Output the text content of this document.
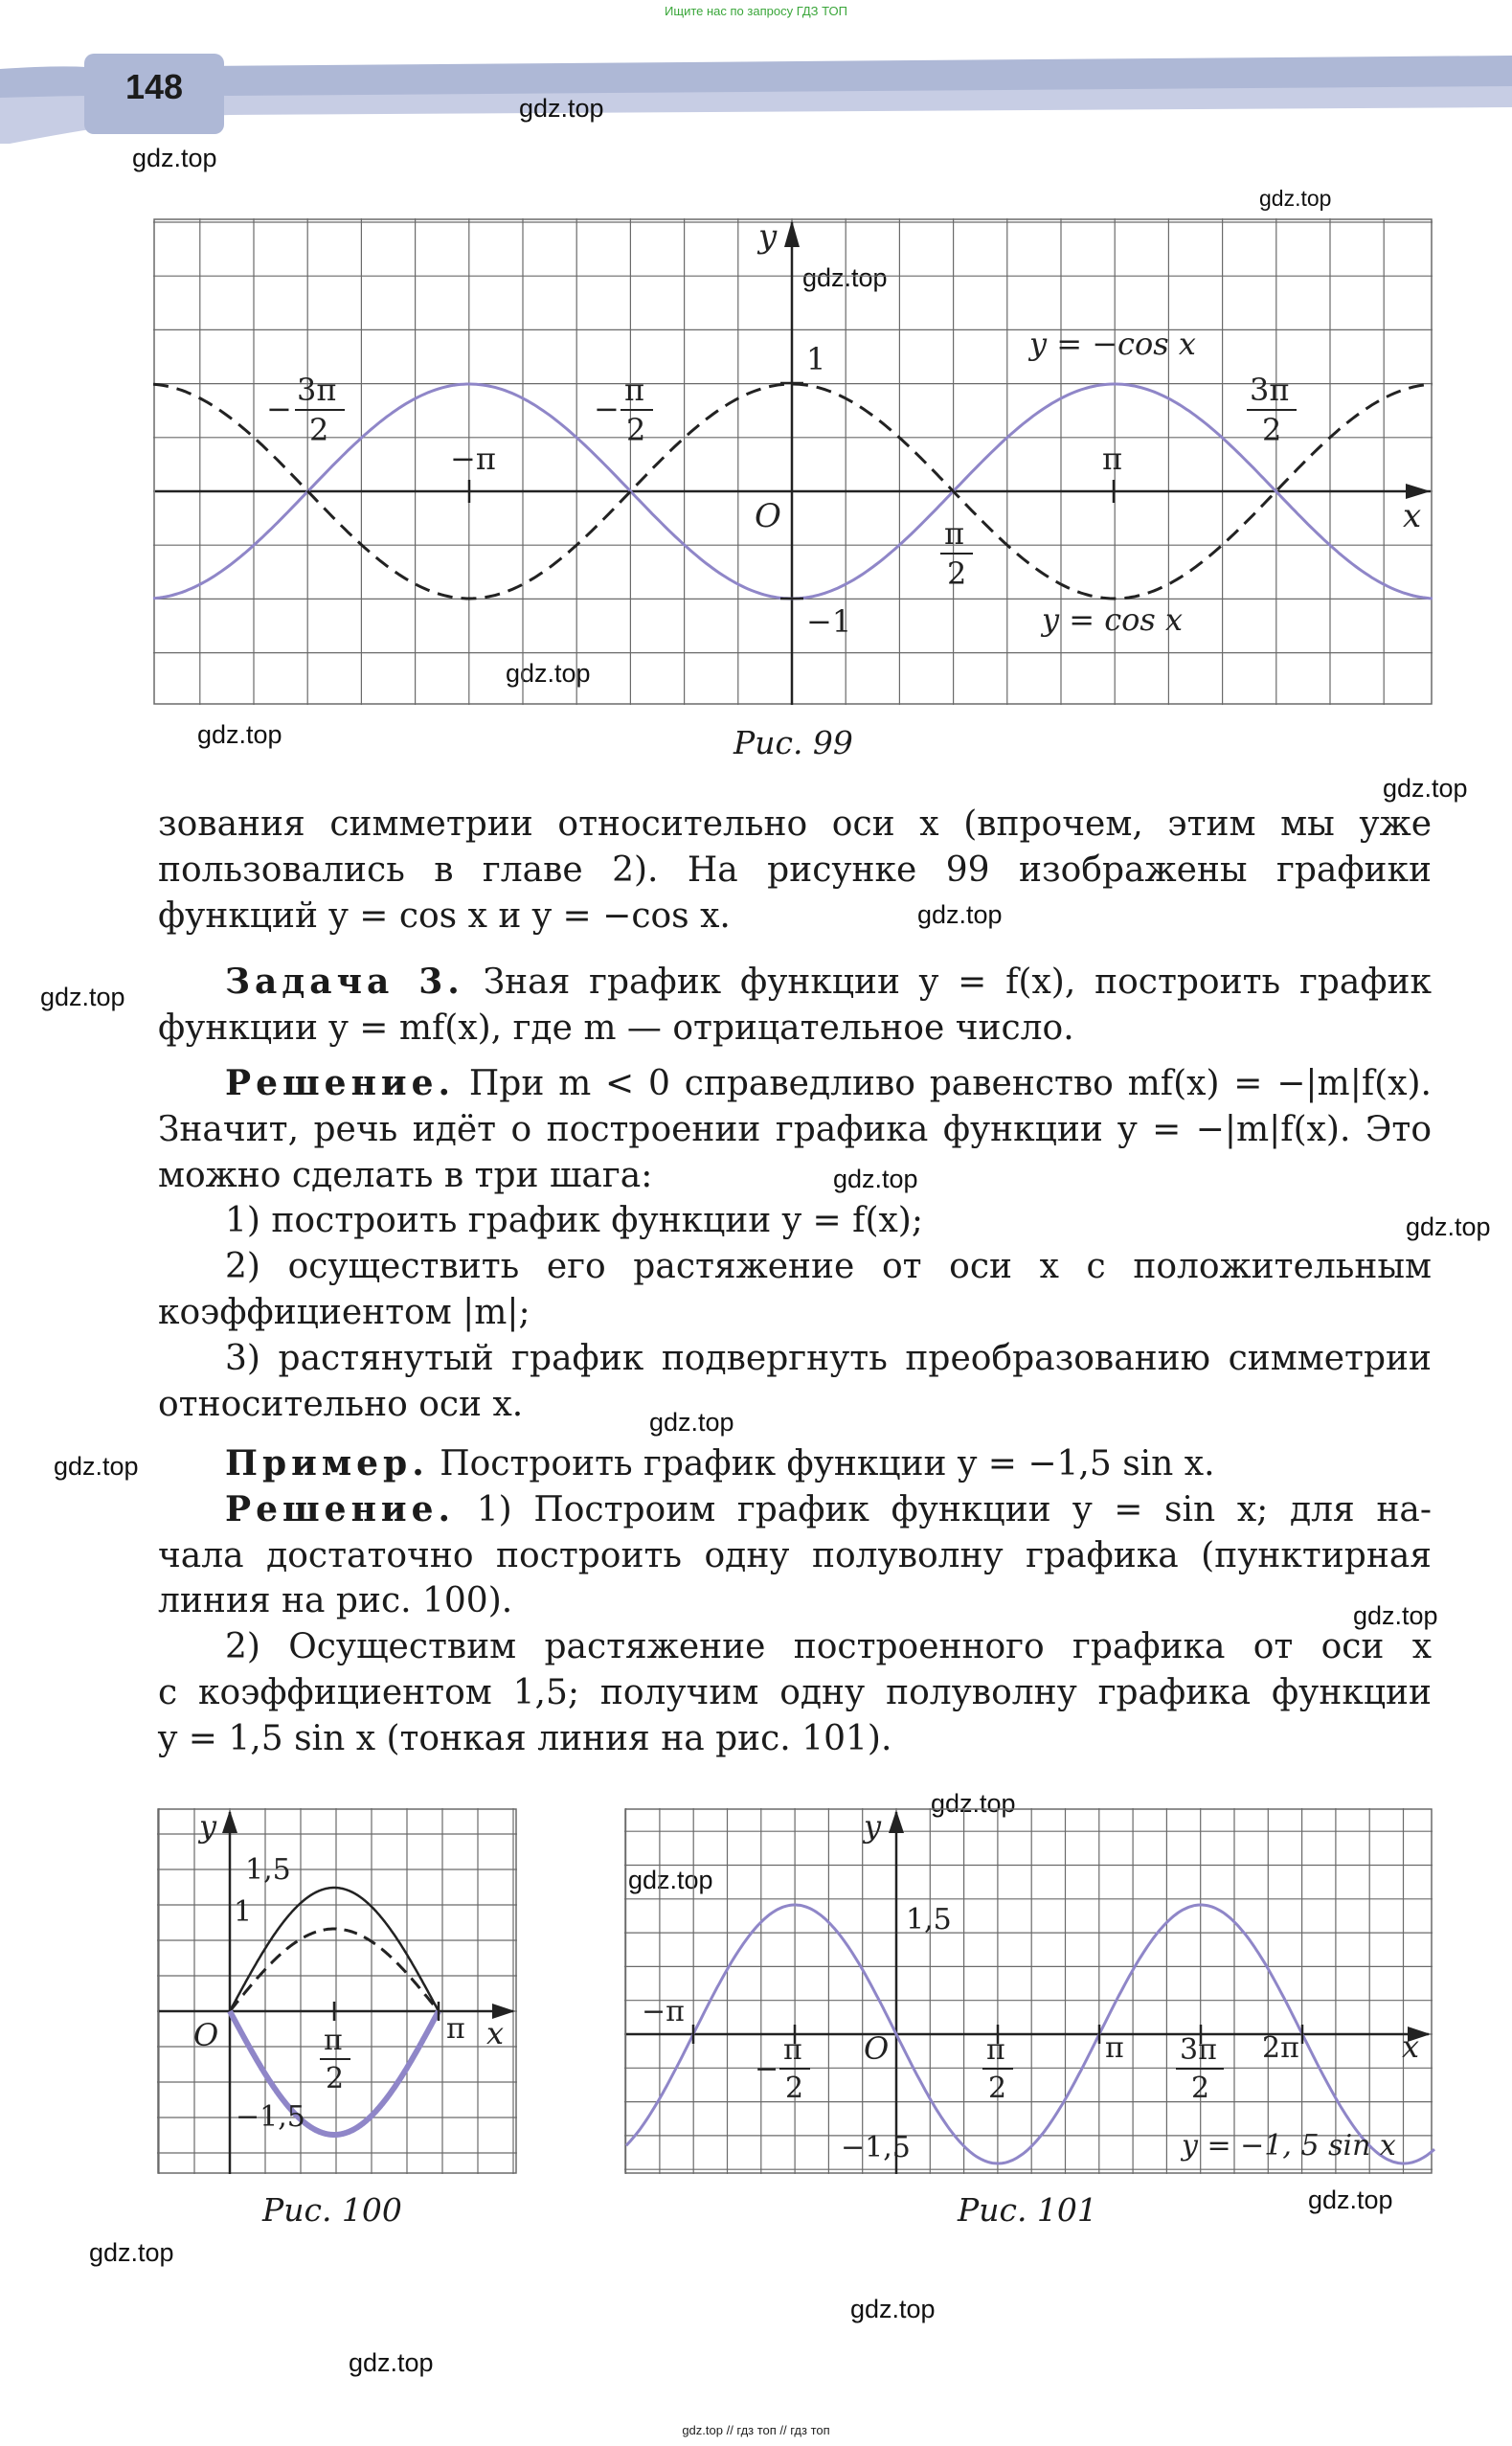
Ищите нас по запросу ГДЗ ТОП
148
gdz.top
gdz.top
gdz.top
gdz.top
gdz.top
gdz.top
gdz.top
gdz.top
gdz.top
gdz.top
gdz.top
gdz.top
gdz.top
gdz.top
gdz.top
gdz.top
gdz.top
gdz.top
gdz.top
gdz.top
y
x
O
1
−1
−π	π
−
3π
2
−
π
2
π
2
3π
2
y = −cos x
y = cos x
Рис. 99
зования симметрии относительно оси x (впрочем, этим мы уже
пользовались в главе 2). На рисунке 99 изображены графики
функций y = cos x и y = −cos x.
Задача 3. Зная график функции y = f(x), построить график
функции y = mf(x), где m — отрицательное число.
Решение. При m < 0 справедливо равенство mf(x) = −|m|f(x).
Значит, речь идёт о построении графика функции y = −|m|f(x). Это
можно сделать в три шага:
1) построить график функции y = f(x);
2) осуществить его растяжение от оси x с положительным
коэффициентом |m|;
3) растянутый график подвергнуть преобразованию симметрии
относительно оси x.
Пример. Построить график функции y = −1,5 sin x.
Решение. 1) Построим график функции y = sin x; для на-
чала достаточно построить одну полуволну графика (пунктирная
линия на рис. 100).
2) Осуществим растяжение построенного графика от оси x
с коэффициентом 1,5; получим одну полуволну графика функции
y = 1,5 sin x (тонкая линия на рис. 101).
y
x
O
1,5
1
π
π
2
−1,5
Рис. 100
y
x
O
1,5
−1,5
−π
π	2π
−
π
2
π
2
3π
2
y = −1, 5 sin x
Рис. 101
gdz.top // гдз топ // гдз топ
